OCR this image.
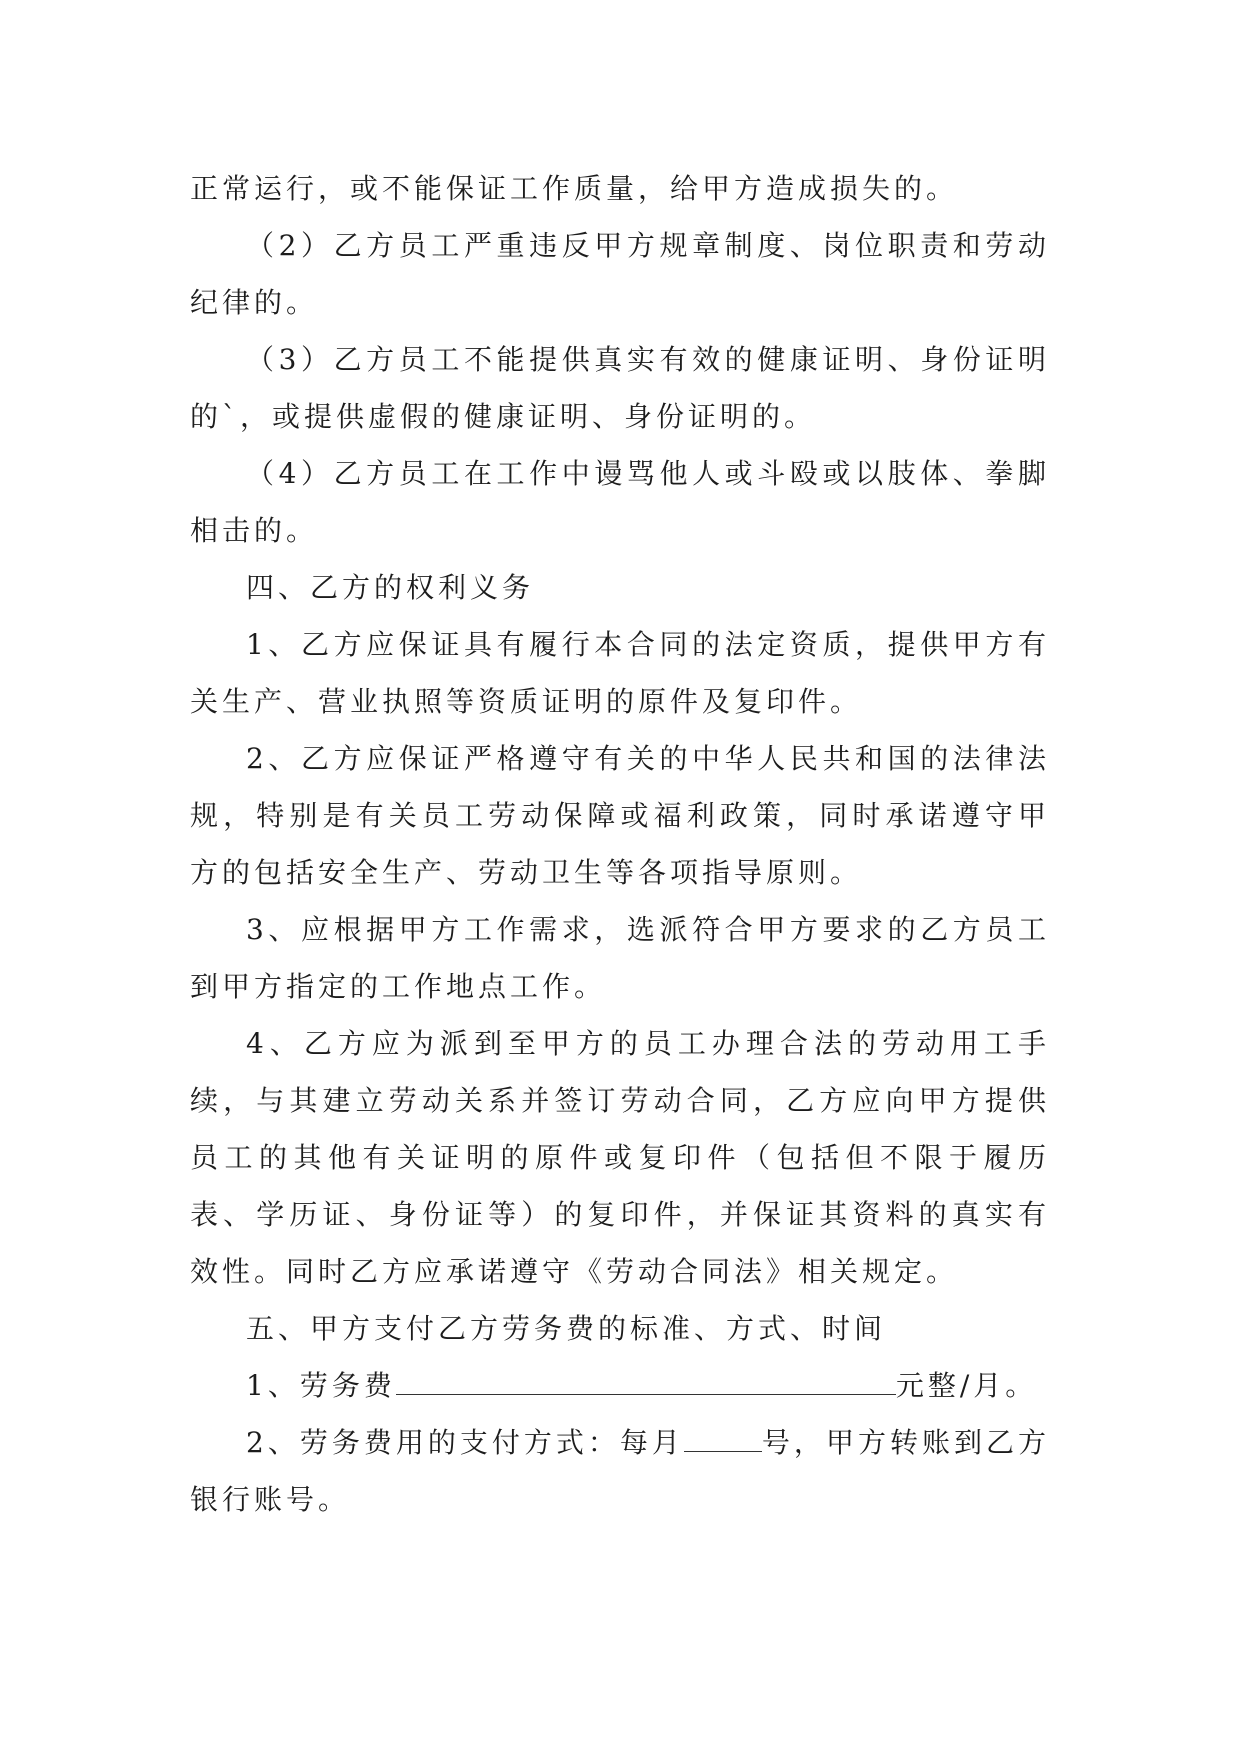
正常运行，或不能保证工作质量，给甲方造成损失的。

（2）乙方员工严重违反甲方规章制度、岗位职责和劳动纪律的。

（3）乙方员工不能提供真实有效的健康证明、身份证明的`，或提供虚假的健康证明、身份证明的。

（4）乙方员工在工作中谩骂他人或斗殴或以肢体、拳脚相击的。

四、乙方的权利义务

1、乙方应保证具有履行本合同的法定资质，提供甲方有关生产、营业执照等资质证明的原件及复印件。

2、乙方应保证严格遵守有关的中华人民共和国的法律法规，特别是有关员工劳动保障或福利政策，同时承诺遵守甲方的包括安全生产、劳动卫生等各项指导原则。

3、应根据甲方工作需求，选派符合甲方要求的乙方员工到甲方指定的工作地点工作。

4、乙方应为派到至甲方的员工办理合法的劳动用工手续，与其建立劳动关系并签订劳动合同，乙方应向甲方提供员工的其他有关证明的原件或复印件（包括但不限于履历表、学历证、身份证等）的复印件，并保证其资料的真实有效性。同时乙方应承诺遵守《劳动合同法》相关规定。

五、甲方支付乙方劳务费的标准、方式、时间

1、劳务费	元整/月。

2、劳务费用的支付方式：每月	号，甲方转账到乙方银行账号。
